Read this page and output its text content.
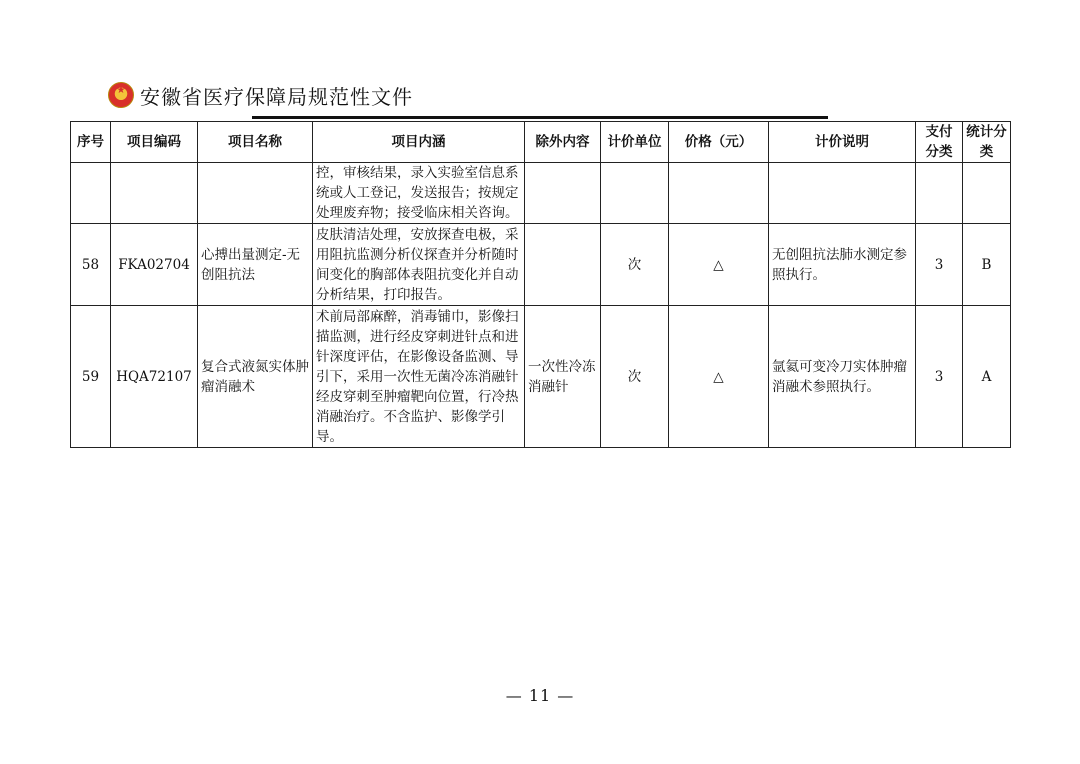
★
安徽省医疗保障局规范性文件
序号	项目编码	项目名称	项目内涵	除外内容	计价单位	价格（元）	计价说明	支付分类	统计分类
			控，审核结果，录入实验室信息系统或人工登记，发送报告；按规定处理废弃物；接受临床相关咨询。						
58	FKA02704	心搏出量测定-无创阻抗法	皮肤清洁处理，安放探查电极，采用阻抗监测分析仪探查并分析随时间变化的胸部体表阻抗变化并自动分析结果，打印报告。		次	△	无创阻抗法肺水测定参照执行。	3	B
59	HQA72107	复合式液氮实体肿瘤消融术	术前局部麻醉，消毒铺巾，影像扫描监测，进行经皮穿刺进针点和进针深度评估，在影像设备监测、导引下，采用一次性无菌冷冻消融针经皮穿刺至肿瘤靶向位置，行冷热消融治疗。不含监护、影像学引导。	一次性冷冻消融针	次	△	氩氦可变冷刀实体肿瘤消融术参照执行。	3	A
— 11 —
